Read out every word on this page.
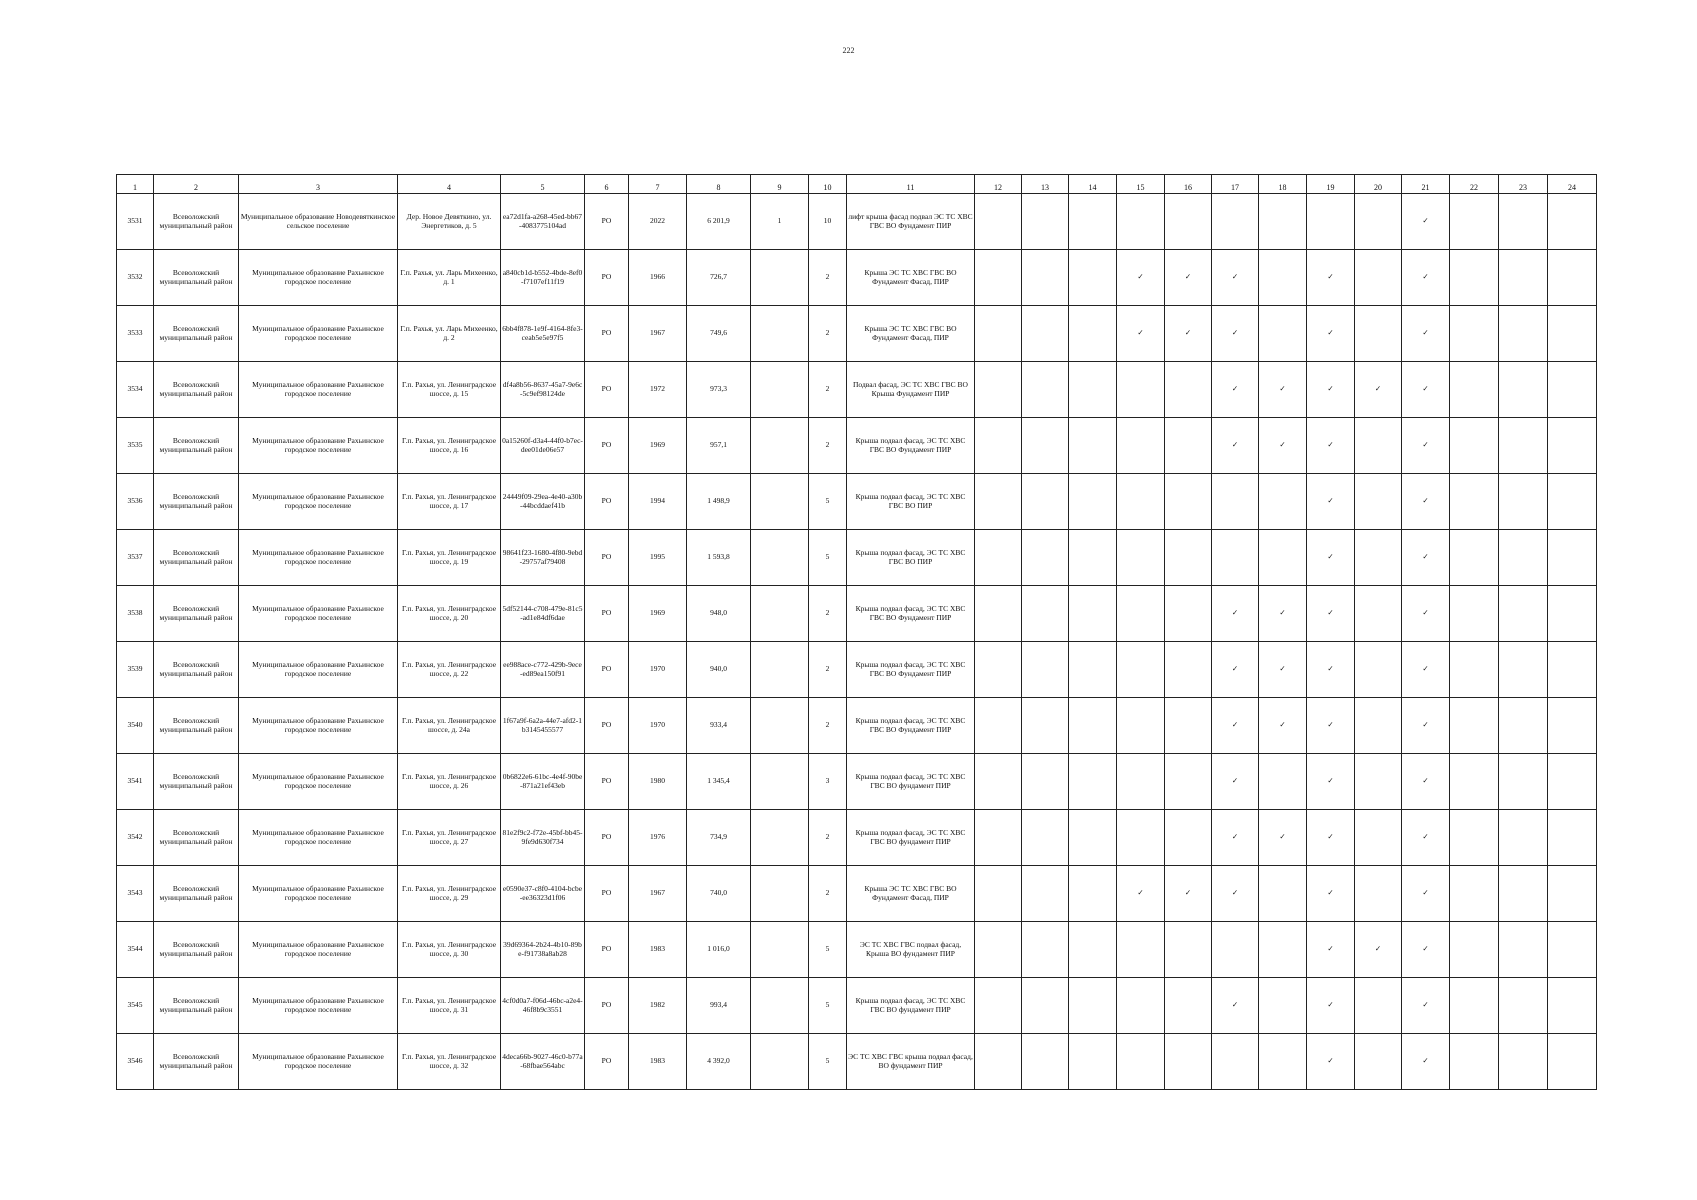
222
1	2	3	4	5	6	7	8	9	10	11	12	13	14	15	16	17	18	19	20	21	22	23	24
3531	Всеволожский муниципальный район	Муниципальное образование Новодевяткинское сельское поселение	Дер. Новое Девяткино, ул. Энергетиков, д. 5	ea72d1fa-a268-45ed-bb67-4083775104ad	РО	2022	6 201,9	1	10	лифт крыша фасад подвал ЭС ТС ХВС ГВС ВО Фундамент ПИР										✓			
3532	Всеволожский муниципальный район	Муниципальное образование Рахьинское городское поселение	Г.п. Рахья, ул. Ларь Михеенко, д. 1	a840cb1d-b552-4bde-8ef0-f7107ef11f19	РО	1966	726,7		2	Крыша ЭС ТС ХВС ГВС ВО Фундамент Фасад, ПИР				✓	✓	✓		✓		✓			
3533	Всеволожский муниципальный район	Муниципальное образование Рахьинское городское поселение	Г.п. Рахья, ул. Ларь Михеенко, д. 2	6bb4f878-1e9f-4164-8fe3-ceab5e5e97f5	РО	1967	749,6		2	Крыша ЭС ТС ХВС ГВС ВО Фундамент Фасад, ПИР				✓	✓	✓		✓		✓			
3534	Всеволожский муниципальный район	Муниципальное образование Рахьинское городское поселение	Г.п. Рахья, ул. Ленинградское шоссе, д. 15	df4a8b56-8637-45a7-9e6c-5c9ef98124de	РО	1972	973,3		2	Подвал фасад, ЭС ТС ХВС ГВС ВО Крыша Фундамент ПИР						✓	✓	✓	✓	✓			
3535	Всеволожский муниципальный район	Муниципальное образование Рахьинское городское поселение	Г.п. Рахья, ул. Ленинградское шоссе, д. 16	0a15260f-d3a4-44f0-b7ec-dee01de06e57	РО	1969	957,1		2	Крыша подвал фасад, ЭС ТС ХВС ГВС ВО Фундамент ПИР						✓	✓	✓		✓			
3536	Всеволожский муниципальный район	Муниципальное образование Рахьинское городское поселение	Г.п. Рахья, ул. Ленинградское шоссе, д. 17	24449f09-29ea-4e40-a30b-44bcddaef41b	РО	1994	1 498,9		5	Крыша подвал фасад, ЭС ТС ХВС ГВС ВО ПИР								✓		✓			
3537	Всеволожский муниципальный район	Муниципальное образование Рахьинское городское поселение	Г.п. Рахья, ул. Ленинградское шоссе, д. 19	98641f23-1680-4f80-9ebd-29757af79408	РО	1995	1 593,8		5	Крыша подвал фасад, ЭС ТС ХВС ГВС ВО ПИР								✓		✓			
3538	Всеволожский муниципальный район	Муниципальное образование Рахьинское городское поселение	Г.п. Рахья, ул. Ленинградское шоссе, д. 20	5df52144-c708-479e-81c5-ad1e84df6dae	РО	1969	948,0		2	Крыша подвал фасад, ЭС ТС ХВС ГВС ВО Фундамент ПИР						✓	✓	✓		✓			
3539	Всеволожский муниципальный район	Муниципальное образование Рахьинское городское поселение	Г.п. Рахья, ул. Ленинградское шоссе, д. 22	ee988ace-c772-429b-9ece-ed89ea150f91	РО	1970	940,0		2	Крыша подвал фасад, ЭС ТС ХВС ГВС ВО Фундамент ПИР						✓	✓	✓		✓			
3540	Всеволожский муниципальный район	Муниципальное образование Рахьинское городское поселение	Г.п. Рахья, ул. Ленинградское шоссе, д. 24а	1f67a9f-6a2a-44e7-afd2-1b3145455577	РО	1970	933,4		2	Крыша подвал фасад, ЭС ТС ХВС ГВС ВО Фундамент ПИР						✓	✓	✓		✓			
3541	Всеволожский муниципальный район	Муниципальное образование Рахьинское городское поселение	Г.п. Рахья, ул. Ленинградское шоссе, д. 26	0b6822e6-61bc-4e4f-90be-871a21ef43eb	РО	1980	1 345,4		3	Крыша подвал фасад, ЭС ТС ХВС ГВС ВО фундамент ПИР						✓		✓		✓			
3542	Всеволожский муниципальный район	Муниципальное образование Рахьинское городское поселение	Г.п. Рахья, ул. Ленинградское шоссе, д. 27	81e2f9c2-f72e-45bf-bb45-9fe9d630f734	РО	1976	734,9		2	Крыша подвал фасад, ЭС ТС ХВС ГВС ВО фундамент ПИР						✓	✓	✓		✓			
3543	Всеволожский муниципальный район	Муниципальное образование Рахьинское городское поселение	Г.п. Рахья, ул. Ленинградское шоссе, д. 29	e0590e37-c8f0-4104-bcbe-ee36323d1f06	РО	1967	740,0		2	Крыша ЭС ТС ХВС ГВС ВО Фундамент Фасад, ПИР				✓	✓	✓		✓		✓			
3544	Всеволожский муниципальный район	Муниципальное образование Рахьинское городское поселение	Г.п. Рахья, ул. Ленинградское шоссе, д. 30	39d69364-2b24-4b10-89be-f91738a8ab28	РО	1983	1 016,0		5	ЭС ТС ХВС ГВС подвал фасад, Крыша ВО фундамент ПИР								✓	✓	✓			
3545	Всеволожский муниципальный район	Муниципальное образование Рахьинское городское поселение	Г.п. Рахья, ул. Ленинградское шоссе, д. 31	4cf0d0a7-f06d-46bc-a2e4-46f8b9c3551	РО	1982	993,4		5	Крыша подвал фасад, ЭС ТС ХВС ГВС ВО фундамент ПИР						✓		✓		✓			
3546	Всеволожский муниципальный район	Муниципальное образование Рахьинское городское поселение	Г.п. Рахья, ул. Ленинградское шоссе, д. 32	4deca66b-9027-46c0-b77a-68fbae564abc	РО	1983	4 392,0		5	ЭС ТС ХВС ГВС крыша подвал фасад, ВО фундамент ПИР								✓		✓			
